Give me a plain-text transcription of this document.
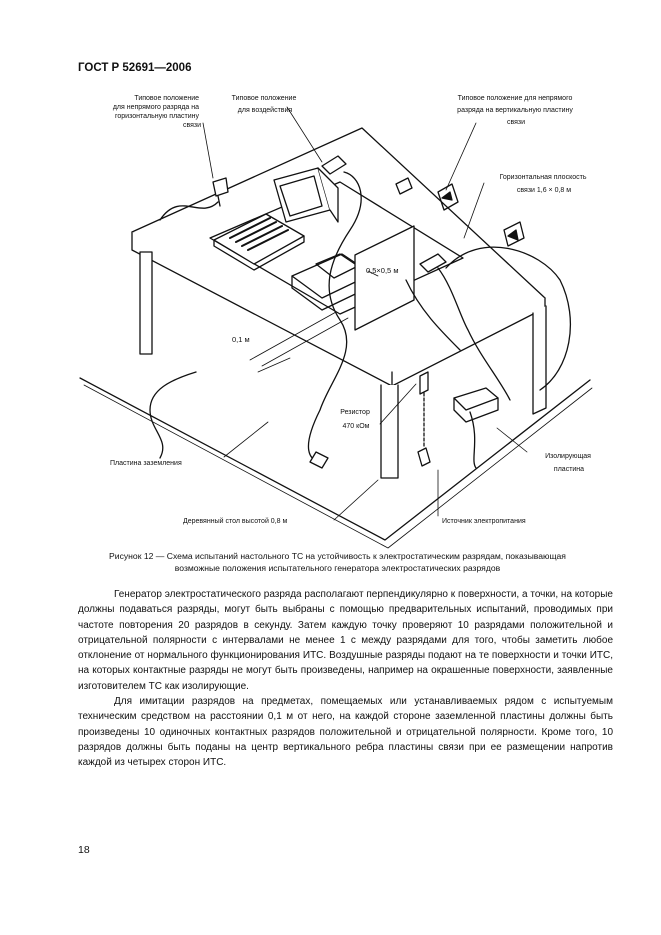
ГОСТ Р 52691—2006
Типовое положение для непрямого разряда на горизонтальную пластину связи
Типовое положение для воздействия
Типовое положение для непрямого разряда на вертикальную пластину связи
Горизонтальная плоскость связи 1,6 × 0,8 м
0,5×0,5 м
0,1 м
Резистор 470 кОм
Изолирующая пластина
Пластина заземления
Деревянный стол высотой 0,8 м	Источник электропитания
Рисунок 12 — Схема испытаний настольного ТС на устойчивость к электростатическим разрядам, показывающая
возможные положения испытательного генератора электростатических разрядов

Генератор электростатического разряда располагают перпендикулярно к поверхности, а точки, на которые должны подаваться разряды, могут быть выбраны с помощью предварительных испытаний, проводимых при частоте повторения 20 разрядов в секунду. Затем каждую точку проверяют 10 разрядами положительной и отрицательной полярности с интервалами не менее 1 с между разрядами для того, чтобы заметить любое отклонение от нормального функционирования ИТС. Воздушные разряды подают на те поверхности и точки ИТС, на которых контактные разряды не могут быть произведены, например на окрашенные поверхности, заявленные изготовителем ТС как изолирующие.

Для имитации разрядов на предметах, помещаемых или устанавливаемых рядом с испытуемым техническим средством на расстоянии 0,1 м от него, на каждой стороне заземленной пластины должны быть произведены 10 одиночных контактных разрядов положительной и отрицательной полярности. Кроме того, 10 разрядов должны быть поданы на центр вертикального ребра пластины связи при ее размещении напротив каждой из четырех сторон ИТС.

18
